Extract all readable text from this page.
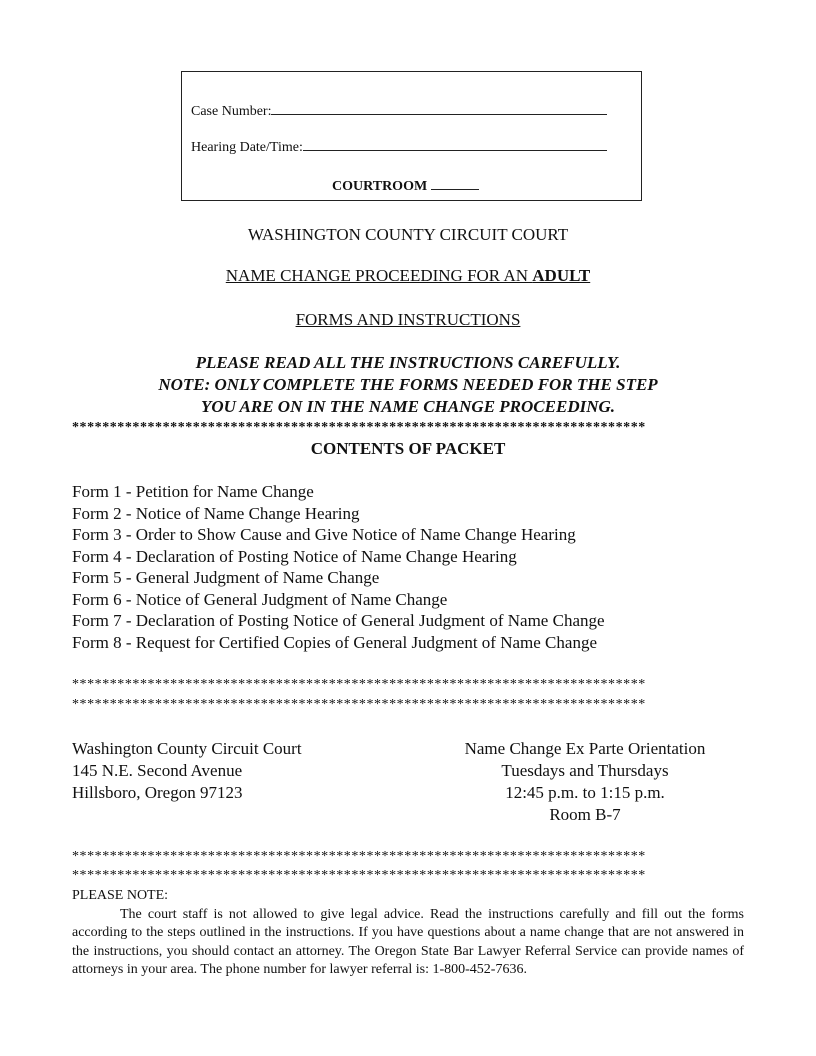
Case Number:
Hearing Date/Time:
COURTROOM
WASHINGTON COUNTY CIRCUIT COURT
NAME CHANGE PROCEEDING FOR AN ADULT
FORMS AND INSTRUCTIONS
PLEASE READ ALL THE INSTRUCTIONS CAREFULLY.
NOTE: ONLY COMPLETE THE FORMS NEEDED FOR THE STEP
YOU ARE ON IN THE NAME CHANGE PROCEEDING.
****************************************************************************
CONTENTS OF PACKET
Form 1 - Petition for Name Change
Form 2 - Notice of Name Change Hearing
Form 3 - Order to Show Cause and Give Notice of Name Change Hearing
Form 4 - Declaration of Posting Notice of Name Change Hearing
Form 5 - General Judgment of Name Change
Form 6 - Notice of General Judgment of Name Change
Form 7 - Declaration of Posting Notice of General Judgment of Name Change
Form 8 - Request for Certified Copies of General Judgment of Name Change
****************************************************************************
****************************************************************************
Washington County Circuit Court
145 N.E. Second Avenue
Hillsboro, Oregon 97123
Name Change Ex Parte Orientation
Tuesdays and Thursdays
12:45 p.m. to 1:15 p.m.
Room B-7
****************************************************************************
****************************************************************************
PLEASE NOTE:
The court staff is not allowed to give legal advice. Read the instructions carefully and fill out the forms according to the steps outlined in the instructions. If you have questions about a name change that are not answered in the instructions, you should contact an attorney. The Oregon State Bar Lawyer Referral Service can provide names of attorneys in your area. The phone number for lawyer referral is: 1-800-452-7636.
